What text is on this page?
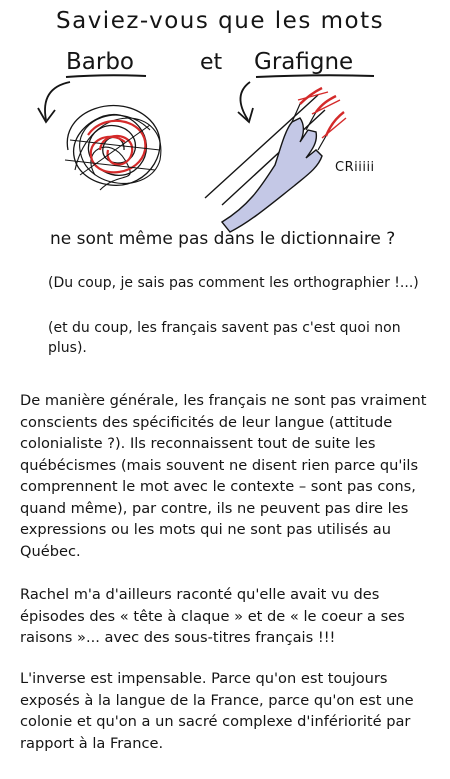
Saviez-vous que les mots
Barbo	et Grafigne
CRiiiii
ne sont même pas dans le dictionnaire ?
(Du coup, je sais pas comment les orthographier !...)
(et du coup, les français savent pas c'est quoi non plus).
De manière générale, les français ne sont pas vraiment conscients des spécificités de leur langue (attitude colonialiste ?). Ils reconnaissent tout de suite les québécismes (mais souvent ne disent rien parce qu'ils comprennent le mot avec le contexte – sont pas cons, quand même), par contre, ils ne peuvent pas dire les expressions ou les mots qui ne sont pas utilisés au Québec.
Rachel m'a d'ailleurs raconté qu'elle avait vu des épisodes des « tête à claque » et de « le coeur a ses raisons »... avec des sous-titres français !!!
L'inverse est impensable. Parce qu'on est toujours exposés à la langue de la France, parce qu'on est une colonie et qu'on a un sacré complexe d'infériorité par rapport à la France.
